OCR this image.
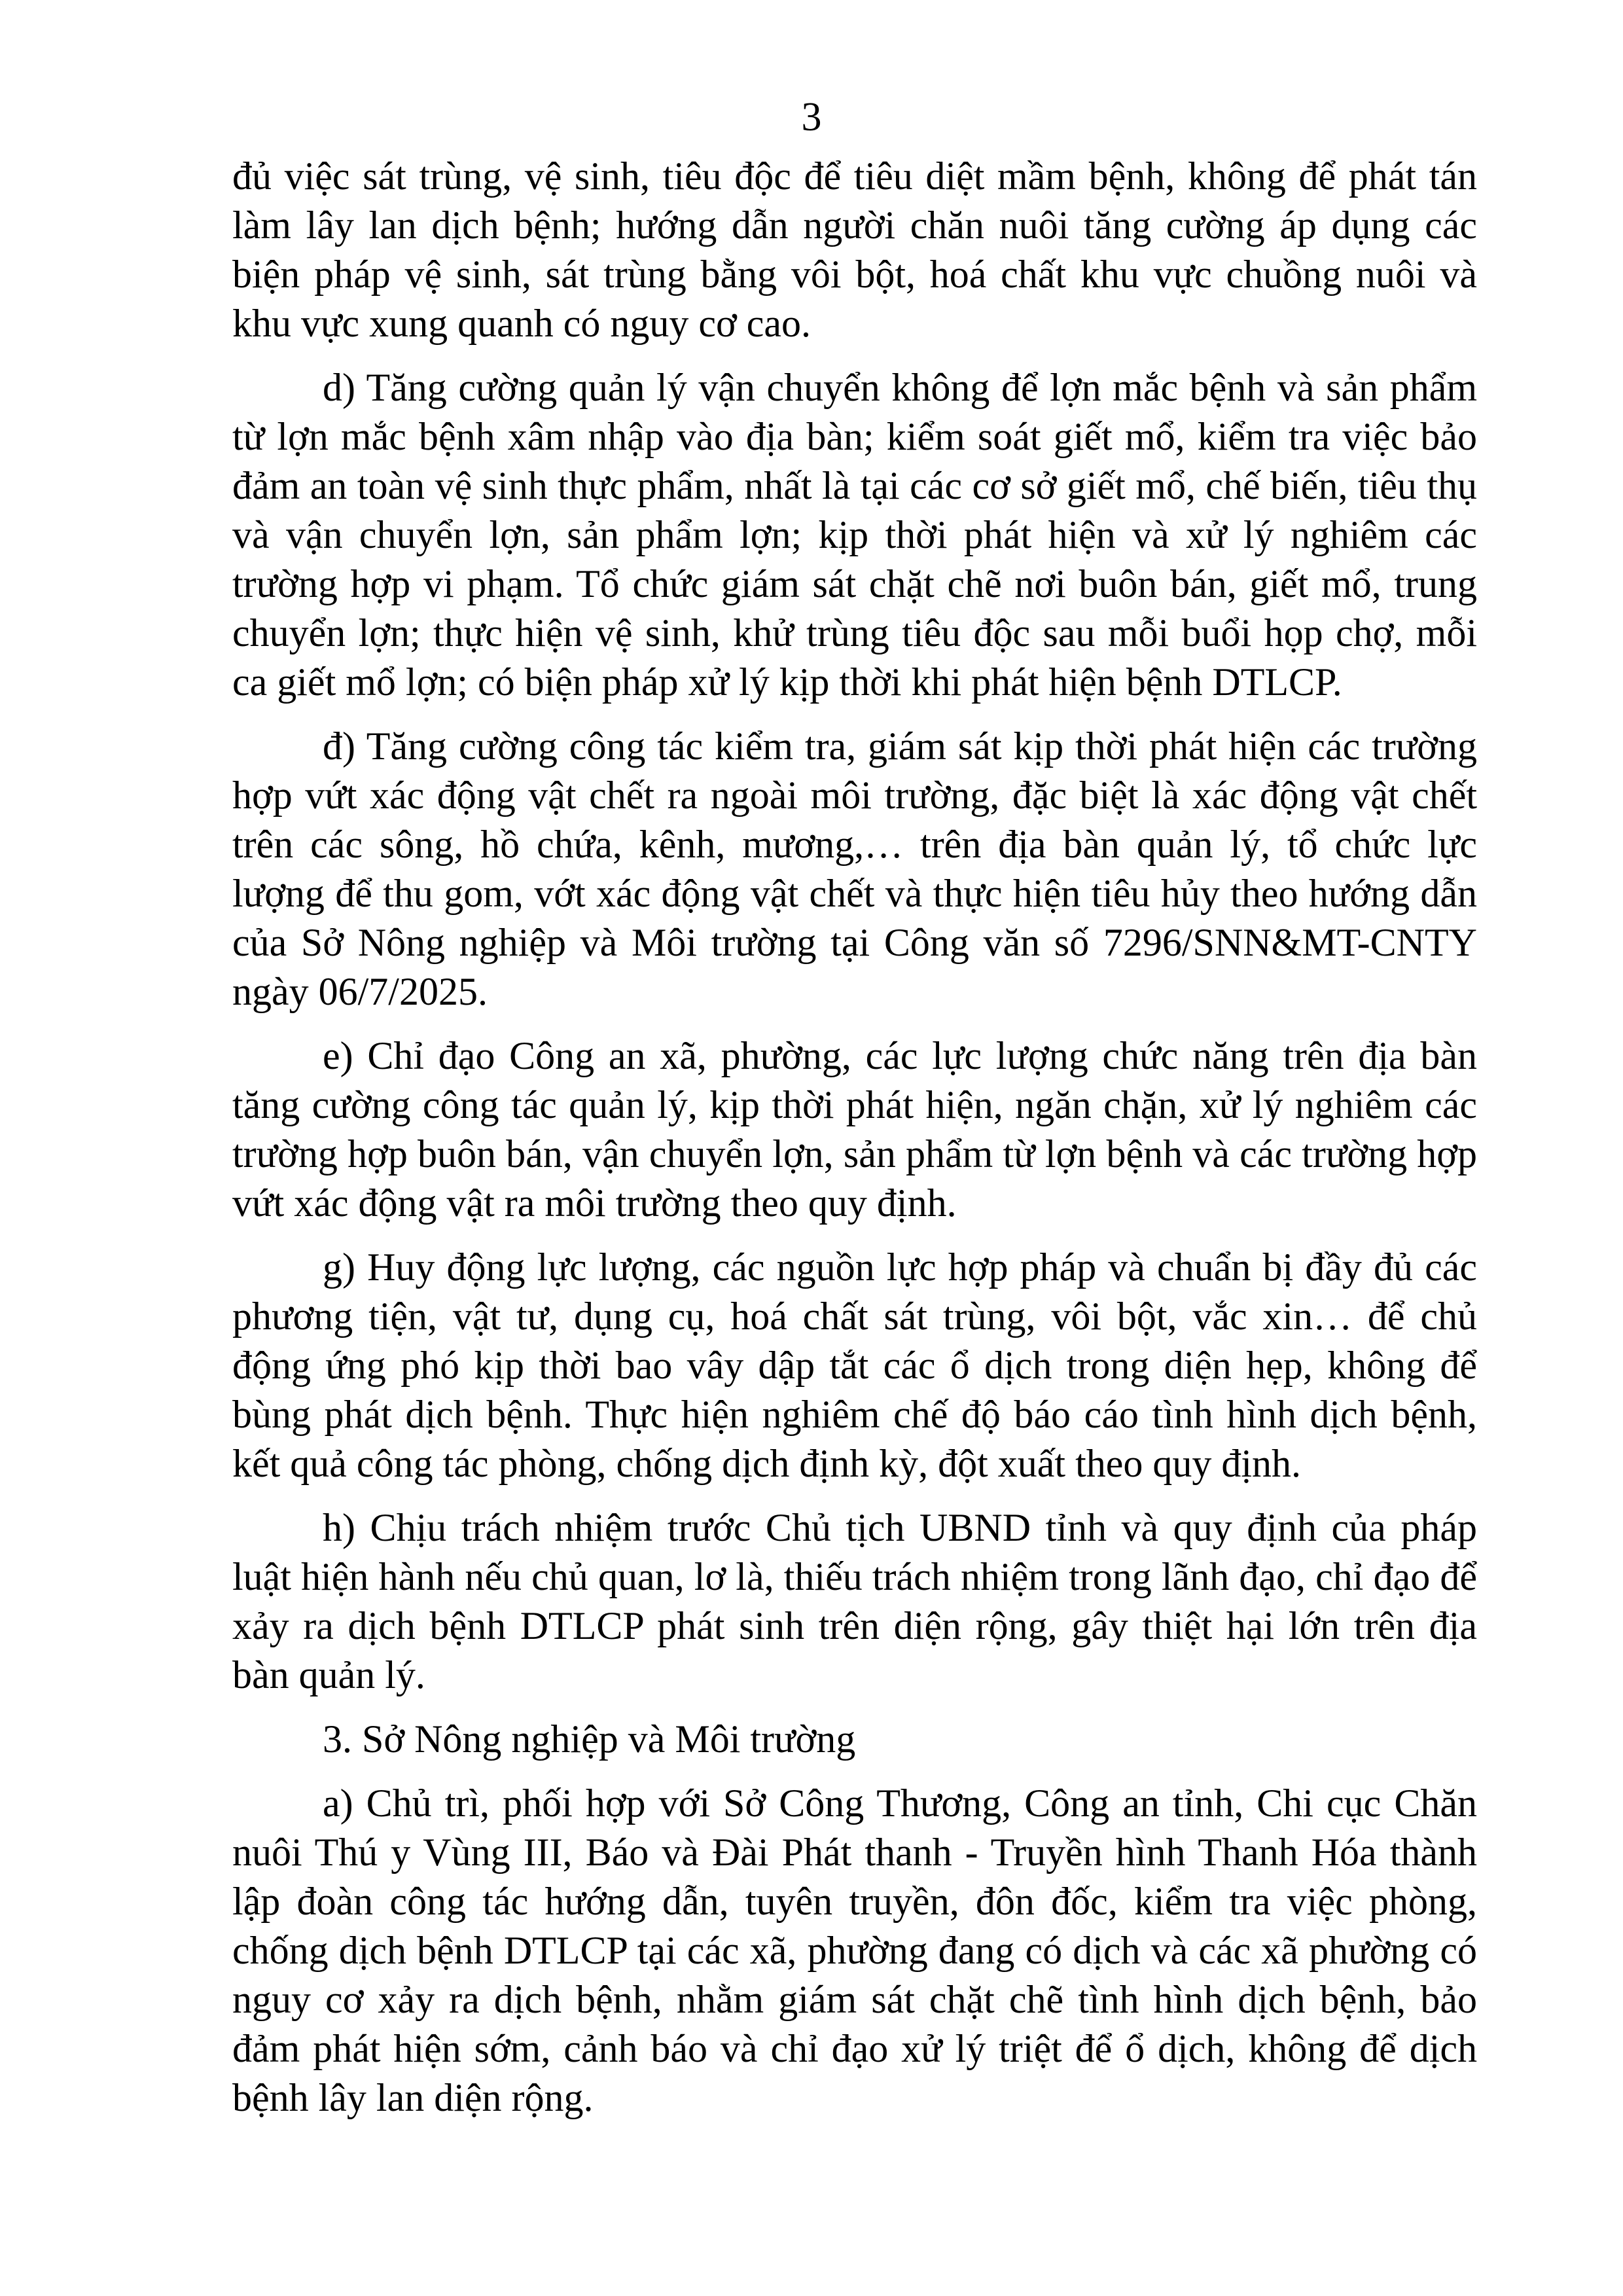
3

đủ việc sát trùng, vệ sinh, tiêu độc để tiêu diệt mầm bệnh, không để phát tán làm lây lan dịch bệnh; hướng dẫn người chăn nuôi tăng cường áp dụng các biện pháp vệ sinh, sát trùng bằng vôi bột, hoá chất khu vực chuồng nuôi và khu vực xung quanh có nguy cơ cao.

d) Tăng cường quản lý vận chuyển không để lợn mắc bệnh và sản phẩm từ lợn mắc bệnh xâm nhập vào địa bàn; kiểm soát giết mổ, kiểm tra việc bảo đảm an toàn vệ sinh thực phẩm, nhất là tại các cơ sở giết mổ, chế biến, tiêu thụ và vận chuyển lợn, sản phẩm lợn; kịp thời phát hiện và xử lý nghiêm các trường hợp vi phạm. Tổ chức giám sát chặt chẽ nơi buôn bán, giết mổ, trung chuyển lợn; thực hiện vệ sinh, khử trùng tiêu độc sau mỗi buổi họp chợ, mỗi ca giết mổ lợn; có biện pháp xử lý kịp thời khi phát hiện bệnh DTLCP.

đ) Tăng cường công tác kiểm tra, giám sát kịp thời phát hiện các trường hợp vứt xác động vật chết ra ngoài môi trường, đặc biệt là xác động vật chết trên các sông, hồ chứa, kênh, mương,… trên địa bàn quản lý, tổ chức lực lượng để thu gom, vớt xác động vật chết và thực hiện tiêu hủy theo hướng dẫn của Sở Nông nghiệp và Môi trường tại Công văn số 7296/SNN&MT-CNTY ngày 06/7/2025.

e) Chỉ đạo Công an xã, phường, các lực lượng chức năng trên địa bàn tăng cường công tác quản lý, kịp thời phát hiện, ngăn chặn, xử lý nghiêm các trường hợp buôn bán, vận chuyển lợn, sản phẩm từ lợn bệnh và các trường hợp vứt xác động vật ra môi trường theo quy định.

g) Huy động lực lượng, các nguồn lực hợp pháp và chuẩn bị đầy đủ các phương tiện, vật tư, dụng cụ, hoá chất sát trùng, vôi bột, vắc xin… để chủ động ứng phó kịp thời bao vây dập tắt các ổ dịch trong diện hẹp, không để bùng phát dịch bệnh. Thực hiện nghiêm chế độ báo cáo tình hình dịch bệnh, kết quả công tác phòng, chống dịch định kỳ, đột xuất theo quy định.

h) Chịu trách nhiệm trước Chủ tịch UBND tỉnh và quy định của pháp luật hiện hành nếu chủ quan, lơ là, thiếu trách nhiệm trong lãnh đạo, chỉ đạo để xảy ra dịch bệnh DTLCP phát sinh trên diện rộng, gây thiệt hại lớn trên địa bàn quản lý.

3. Sở Nông nghiệp và Môi trường

a) Chủ trì, phối hợp với Sở Công Thương, Công an tỉnh, Chi cục Chăn nuôi Thú y Vùng III, Báo và Đài Phát thanh - Truyền hình Thanh Hóa thành lập đoàn công tác hướng dẫn, tuyên truyền, đôn đốc, kiểm tra việc phòng, chống dịch bệnh DTLCP tại các xã, phường đang có dịch và các xã phường có nguy cơ xảy ra dịch bệnh, nhằm giám sát chặt chẽ tình hình dịch bệnh, bảo đảm phát hiện sớm, cảnh báo và chỉ đạo xử lý triệt để ổ dịch, không để dịch bệnh lây lan diện rộng.
